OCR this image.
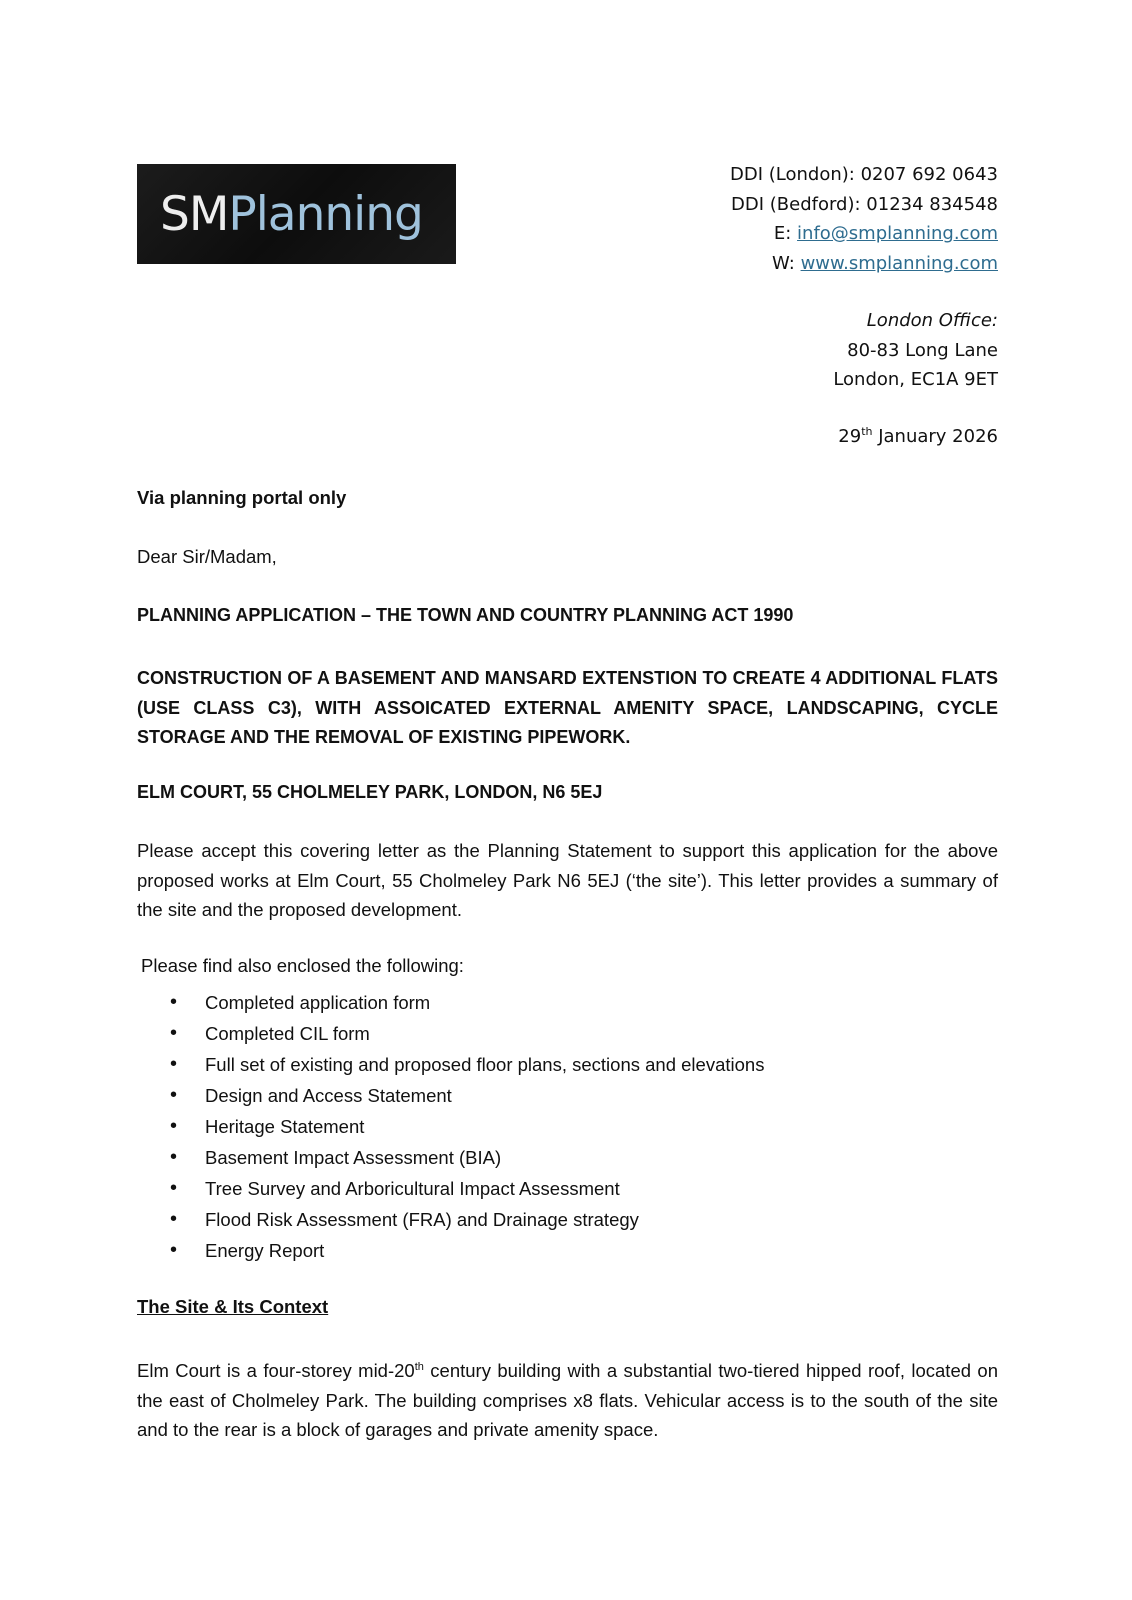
SMPlanning
DDI (London): 0207 692 0643
DDI (Bedford): 01234 834548
E: info@smplanning.com
W: www.smplanning.com
London Office:
80-83 Long Lane
London, EC1A 9ET
29th January 2026
Via planning portal only
Dear Sir/Madam,
PLANNING APPLICATION – THE TOWN AND COUNTRY PLANNING ACT 1990
CONSTRUCTION OF A BASEMENT AND MANSARD EXTENSTION TO CREATE 4 ADDITIONAL FLATS (USE CLASS C3), WITH ASSOICATED EXTERNAL AMENITY SPACE, LANDSCAPING, CYCLE STORAGE AND THE REMOVAL OF EXISTING PIPEWORK.
ELM COURT, 55 CHOLMELEY PARK, LONDON, N6 5EJ
Please accept this covering letter as the Planning Statement to support this application for the above proposed works at Elm Court, 55 Cholmeley Park N6 5EJ (‘the site’). This letter provides a summary of the site and the proposed development.
Please find also enclosed the following:
• Completed application form
• Completed CIL form
• Full set of existing and proposed floor plans, sections and elevations
• Design and Access Statement
• Heritage Statement
• Basement Impact Assessment (BIA)
• Tree Survey and Arboricultural Impact Assessment
• Flood Risk Assessment (FRA) and Drainage strategy
• Energy Report
The Site & Its Context
Elm Court is a four-storey mid-20th century building with a substantial two-tiered hipped roof, located on the east of Cholmeley Park. The building comprises x8 flats. Vehicular access is to the south of the site and to the rear is a block of garages and private amenity space.
